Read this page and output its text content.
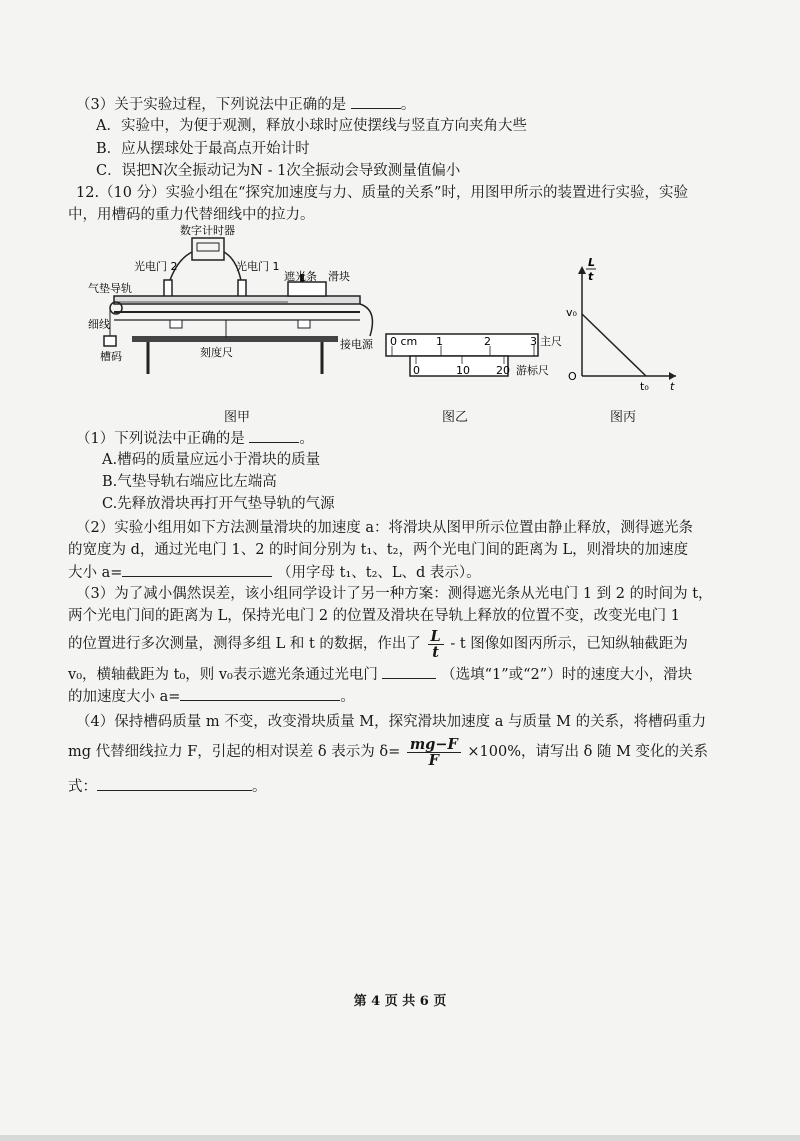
（3）关于实验过程，下列说法中正确的是	。
A．实验中，为便于观测，释放小球时应使摆线与竖直方向夹角大些
B．应从摆球处于最高点开始计时
C．误把N次全振动记为N - 1次全振动会导致测量值偏小
12.（10 分）实验小组在“探究加速度与力、质量的关系”时，用图甲所示的装置进行实验，实验
中，用槽码的重力代替细线中的拉力。
数字计时器
光电门 2	光电门 1
气垫导轨
遮光条 滑块
细线
槽码	刻度尺
接电源 0 cm 1	2	3 主尺
0	10 20 游标尺
L
t
v₀
O
t₀ t
图甲	图乙	图丙
（1）下列说法中正确的是	。
A.槽码的质量应远小于滑块的质量
B.气垫导轨右端应比左端高
C.先释放滑块再打开气垫导轨的气源
（2）实验小组用如下方法测量滑块的加速度 a：将滑块从图甲所示位置由静止释放，测得遮光条
的宽度为 d，通过光电门 1、2 的时间分别为 t₁、t₂，两个光电门间的距离为 L，则滑块的加速度
大小 a=	（用字母 t₁、t₂、L、d 表示）。
（3）为了减小偶然误差，该小组同学设计了另一种方案：测得遮光条从光电门 1 到 2 的时间为 t，
两个光电门间的距离为 L，保持光电门 2 的位置及滑块在导轨上释放的位置不变，改变光电门 1
的位置进行多次测量，测得多组 L 和 t 的数据，作出了 $\frac{L}{t}$ - t 图像如图丙所示，已知纵轴截距为
v₀，横轴截距为 t₀，则 v₀表示遮光条通过光电门	（选填“1”或“2”）时的速度大小，滑块
的加速度大小 a=	。
（4）保持槽码质量 m 不变，改变滑块质量 M，探究滑块加速度 a 与质量 M 的关系，将槽码重力
mg 代替细线拉力 F，引起的相对误差 δ 表示为 $\delta= \frac{mg-F}{F} \times 100\%$，请写出 δ 随 M 变化的关系
式：	。
第 4 页 共 6 页
